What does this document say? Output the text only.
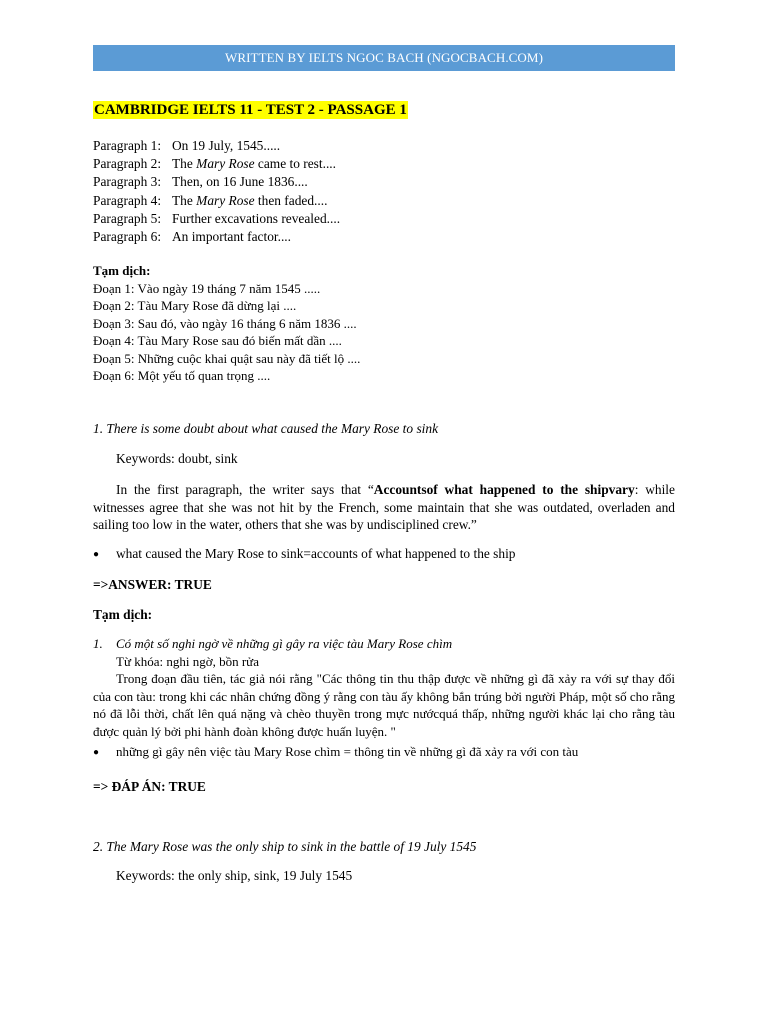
WRITTEN BY IELTS NGOC BACH (NGOCBACH.COM)
CAMBRIDGE IELTS 11 - TEST 2 - PASSAGE 1
Paragraph 1: On 19 July, 1545.....
Paragraph 2: The Mary Rose came to rest....
Paragraph 3: Then, on 16 June 1836....
Paragraph 4: The Mary Rose then faded....
Paragraph 5: Further excavations revealed....
Paragraph 6: An important factor....
Tạm dịch:
Đoạn 1: Vào ngày 19 tháng 7 năm 1545 .....
Đoạn 2: Tàu Mary Rose đã dừng lại ....
Đoạn 3: Sau đó, vào ngày 16 tháng 6 năm 1836 ....
Đoạn 4: Tàu Mary Rose sau đó biến mất dần ....
Đoạn 5: Những cuộc khai quật sau này đã tiết lộ ....
Đoạn 6: Một yếu tố quan trọng ....
1. There is some doubt about what caused the Mary Rose to sink
Keywords: doubt, sink
In the first paragraph, the writer says that “Accountsof what happened to the shipvary: while witnesses agree that she was not hit by the French, some maintain that she was outdated, overladen and sailing too low in the water, others that she was by undisciplined crew.”
● what caused the Mary Rose to sink=accounts of what happened to the ship
=>ANSWER: TRUE
Tạm dịch:
1. Có một số nghi ngờ về những gì gây ra việc tàu Mary Rose chìm
Từ khóa: nghi ngờ, bồn rửa
Trong đoạn đầu tiên, tác giả nói rằng "Các thông tin thu thập được về những gì đã xảy ra với sự thay đổi của con tàu: trong khi các nhân chứng đồng ý rằng con tàu ấy không bắn trúng bởi người Pháp, một số cho rằng nó đã lỗi thời, chất lên quá nặng và chèo thuyền trong mực nướcquá thấp, những người khác lại cho rằng tàu được quản lý bởi phi hành đoàn không được huấn luyện. "
● những gì gây nên việc tàu Mary Rose chìm = thông tin về những gì đã xảy ra với con tàu
=> ĐÁP ÁN: TRUE
2. The Mary Rose was the only ship to sink in the battle of 19 July 1545
Keywords: the only ship, sink, 19 July 1545
